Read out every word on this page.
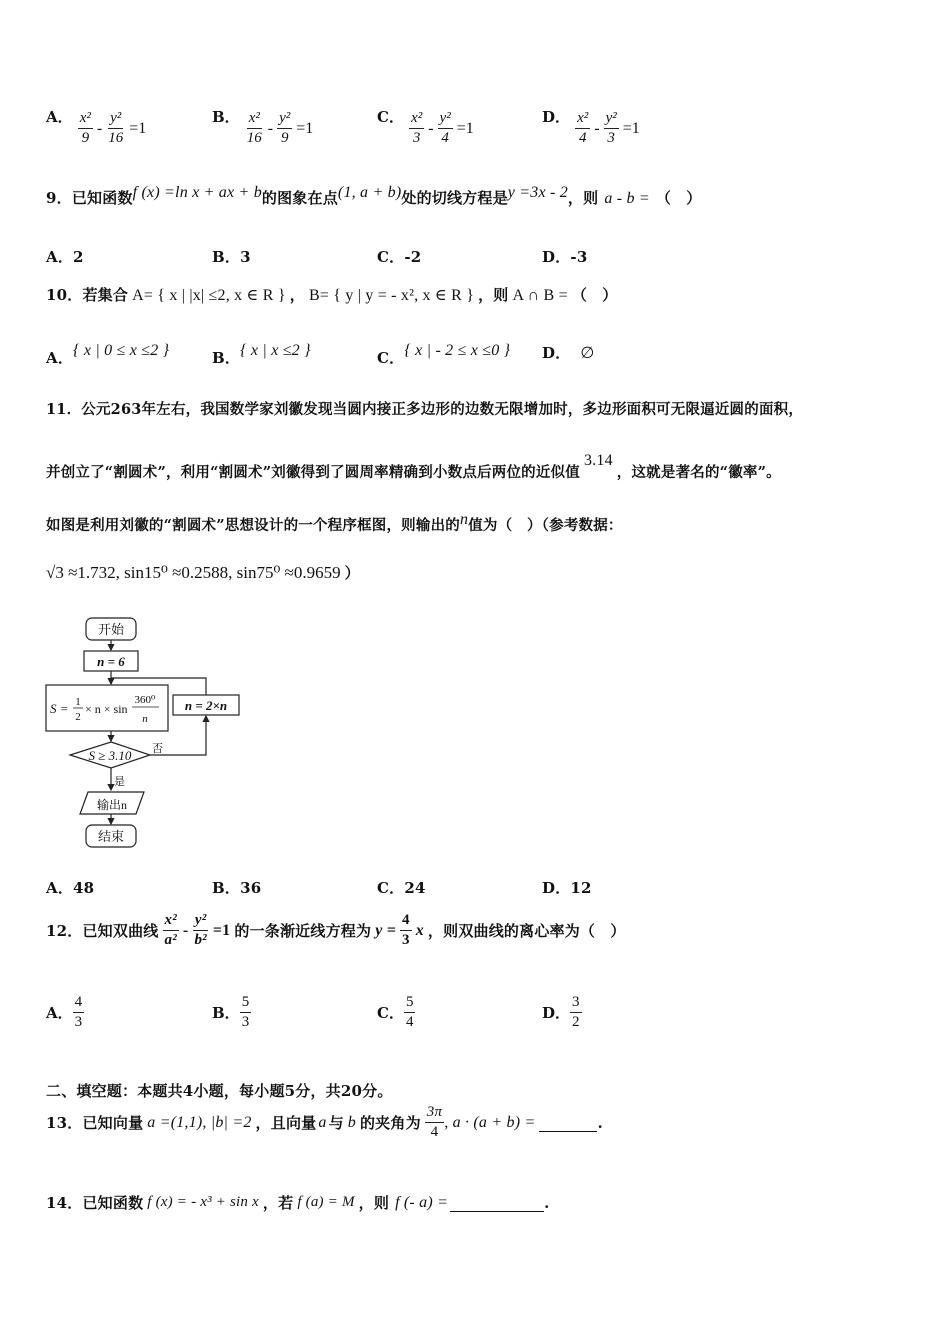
A． $\frac{\text{x²}}{9} - \frac{\text{y²}}{16} =1$
B． $\frac{\text{x²}}{16} - \frac{\text{y²}}{9} =1$
C． $\frac{\text{x²}}{3} - \frac{\text{y²}}{4} =1$
D． $\frac{\text{x²}}{4} - \frac{\text{y²}}{3} =1$
9．已知函数$^{f (x) =ln x + ax + b}$的图象在点$^{(1, a + b)}$处的切线方程是$^{y =3x - 2}$，则 a - b = （　）
A．2	B．3	C．-2	D．-3
10．若集合 A= { x | |x| ≤2, x ∈ R } ， B= { y | y = - x², x ∈ R } ，则 A ∩ B = （　）
A．$^{\{ x | 0 \le x \le 2 \}}$	B．$^{\{ x | x \le 2 \}}$	C．$^{\{ x | - 2 \le x \le 0 \}}$ D． ∅
11．公元263年左右，我国数学家刘徽发现当圆内接正多边形的边数无限增加时，多边形面积可无限逼近圆的面积，
并创立了“割圆术”，利用“割圆术”刘徽得到了圆周率精确到小数点后两位的近似值$^{3.14}$，这就是著名的“徽率”。
如图是利用刘徽的“割圆术”思想设计的一个程序框图，则输出的$^n$值为（　）（参考数据：
√3 ≈1.732, sin15⁰ ≈0.2588, sin75⁰ ≈0.9659 ）
开始
n = 6
S = 1
2
× n × sin
360⁰
n
n = 2×n
S ≥ 3.10 否
是
输出n
结束
A．48	B．36	C．24	D．12
12． 已知双曲线 $\frac{\text{x²}}{\text{a²}} - \frac{\text{y²}}{\text{b²}} =1$ 的一条渐近线方程为 $y = \frac{4}{3}$ x ，则双曲线的离心率为（　）
A． $\frac{4}{3}$	B． $\frac{5}{3}$	C． $\frac{5}{4}$	D． $\frac{3}{2}$
二、填空题：本题共4小题，每小题5分，共20分。
13． 已知向量 a =(1,1), |b| =2 ，且向量 a 与 b 的夹角为 $\frac{3\pi}{4}$ , a · (a + b) =	.
14． 已知函数 f (x) = - x³ + sin x ，若 f (a) = M ，则 f (- a) =	.
